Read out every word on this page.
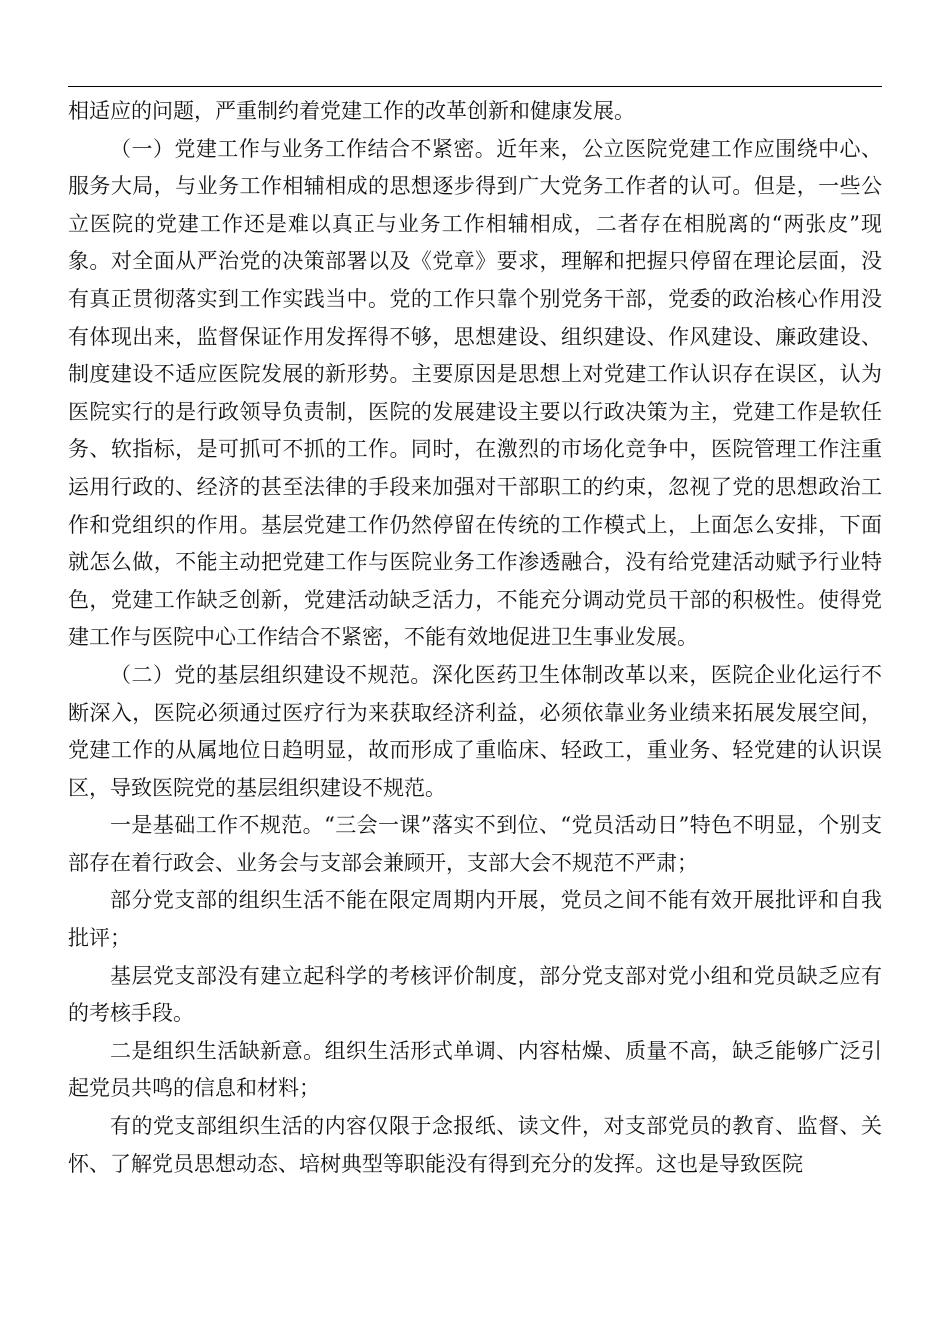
相适应的问题，严重制约着党建工作的改革创新和健康发展。

（一）党建工作与业务工作结合不紧密。近年来，公立医院党建工作应围绕中心、服务大局，与业务工作相辅相成的思想逐步得到广大党务工作者的认可。但是，一些公立医院的党建工作还是难以真正与业务工作相辅相成，二者存在相脱离的“两张皮”现象。对全面从严治党的决策部署以及《党章》要求，理解和把握只停留在理论层面，没有真正贯彻落实到工作实践当中。党的工作只靠个别党务干部，党委的政治核心作用没有体现出来，监督保证作用发挥得不够，思想建设、组织建设、作风建设、廉政建设、制度建设不适应医院发展的新形势。主要原因是思想上对党建工作认识存在误区，认为医院实行的是行政领导负责制，医院的发展建设主要以行政决策为主，党建工作是软任务、软指标，是可抓可不抓的工作。同时，在激烈的市场化竞争中，医院管理工作注重运用行政的、经济的甚至法律的手段来加强对干部职工的约束，忽视了党的思想政治工作和党组织的作用。基层党建工作仍然停留在传统的工作模式上，上面怎么安排，下面就怎么做，不能主动把党建工作与医院业务工作渗透融合，没有给党建活动赋予行业特色，党建工作缺乏创新，党建活动缺乏活力，不能充分调动党员干部的积极性。使得党建工作与医院中心工作结合不紧密，不能有效地促进卫生事业发展。

（二）党的基层组织建设不规范。深化医药卫生体制改革以来，医院企业化运行不断深入，医院必须通过医疗行为来获取经济利益，必须依靠业务业绩来拓展发展空间，党建工作的从属地位日趋明显，故而形成了重临床、轻政工，重业务、轻党建的认识误区，导致医院党的基层组织建设不规范。

一是基础工作不规范。“三会一课”落实不到位、“党员活动日”特色不明显，个别支部存在着行政会、业务会与支部会兼顾开，支部大会不规范不严肃；

部分党支部的组织生活不能在限定周期内开展，党员之间不能有效开展批评和自我批评；

基层党支部没有建立起科学的考核评价制度，部分党支部对党小组和党员缺乏应有的考核手段。

二是组织生活缺新意。组织生活形式单调、内容枯燥、质量不高，缺乏能够广泛引起党员共鸣的信息和材料；

有的党支部组织生活的内容仅限于念报纸、读文件，对支部党员的教育、监督、关怀、了解党员思想动态、培树典型等职能没有得到充分的发挥。这也是导致医院
